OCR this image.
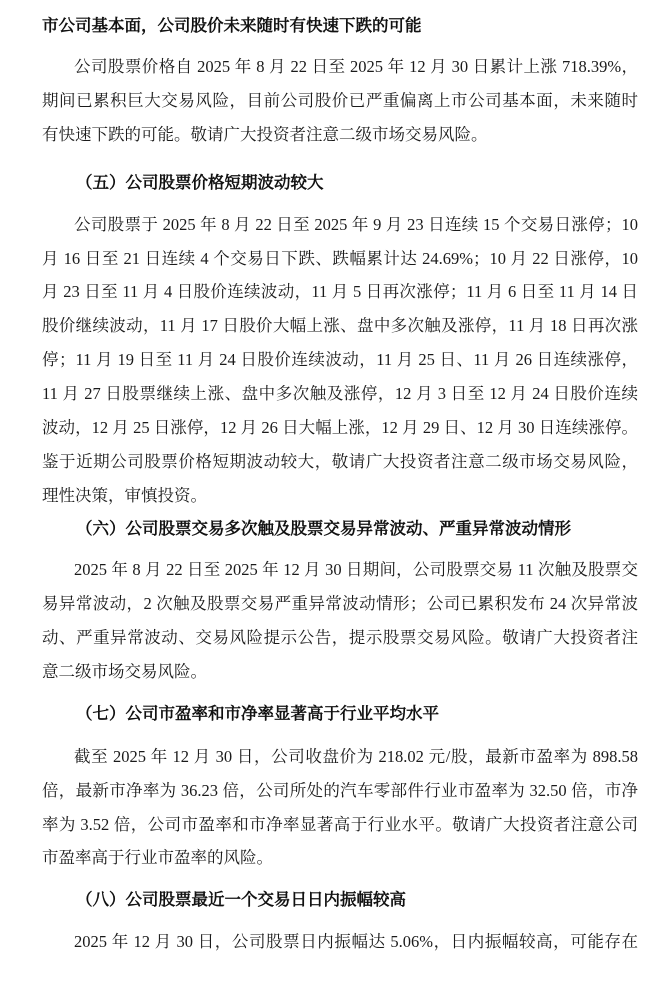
市公司基本面，公司股价未来随时有快速下跌的可能
公司股票价格自 2025 年 8 月 22 日至 2025 年 12 月 30 日累计上涨 718.39%，
期间已累积巨大交易风险，目前公司股价已严重偏离上市公司基本面，未来随时
有快速下跌的可能。敬请广大投资者注意二级市场交易风险。
（五）公司股票价格短期波动较大
公司股票于 2025 年 8 月 22 日至 2025 年 9 月 23 日连续 15 个交易日涨停；10
月 16 日至 21 日连续 4 个交易日下跌、跌幅累计达 24.69%；10 月 22 日涨停，10
月 23 日至 11 月 4 日股价连续波动，11 月 5 日再次涨停；11 月 6 日至 11 月 14 日
股价继续波动，11 月 17 日股价大幅上涨、盘中多次触及涨停，11 月 18 日再次涨
停；11 月 19 日至 11 月 24 日股价连续波动，11 月 25 日、11 月 26 日连续涨停，
11 月 27 日股票继续上涨、盘中多次触及涨停，12 月 3 日至 12 月 24 日股价连续
波动，12 月 25 日涨停，12 月 26 日大幅上涨，12 月 29 日、12 月 30 日连续涨停。
鉴于近期公司股票价格短期波动较大，敬请广大投资者注意二级市场交易风险，
理性决策，审慎投资。
（六）公司股票交易多次触及股票交易异常波动、严重异常波动情形
2025 年 8 月 22 日至 2025 年 12 月 30 日期间，公司股票交易 11 次触及股票交
易异常波动，2 次触及股票交易严重异常波动情形；公司已累积发布 24 次异常波
动、严重异常波动、交易风险提示公告，提示股票交易风险。敬请广大投资者注
意二级市场交易风险。
（七）公司市盈率和市净率显著高于行业平均水平
截至 2025 年 12 月 30 日，公司收盘价为 218.02 元/股，最新市盈率为 898.58
倍，最新市净率为 36.23 倍，公司所处的汽车零部件行业市盈率为 32.50 倍，市净
率为 3.52 倍，公司市盈率和市净率显著高于行业水平。敬请广大投资者注意公司
市盈率高于行业市盈率的风险。
（八）公司股票最近一个交易日日内振幅较高
2025 年 12 月 30 日，公司股票日内振幅达 5.06%，日内振幅较高，可能存在
